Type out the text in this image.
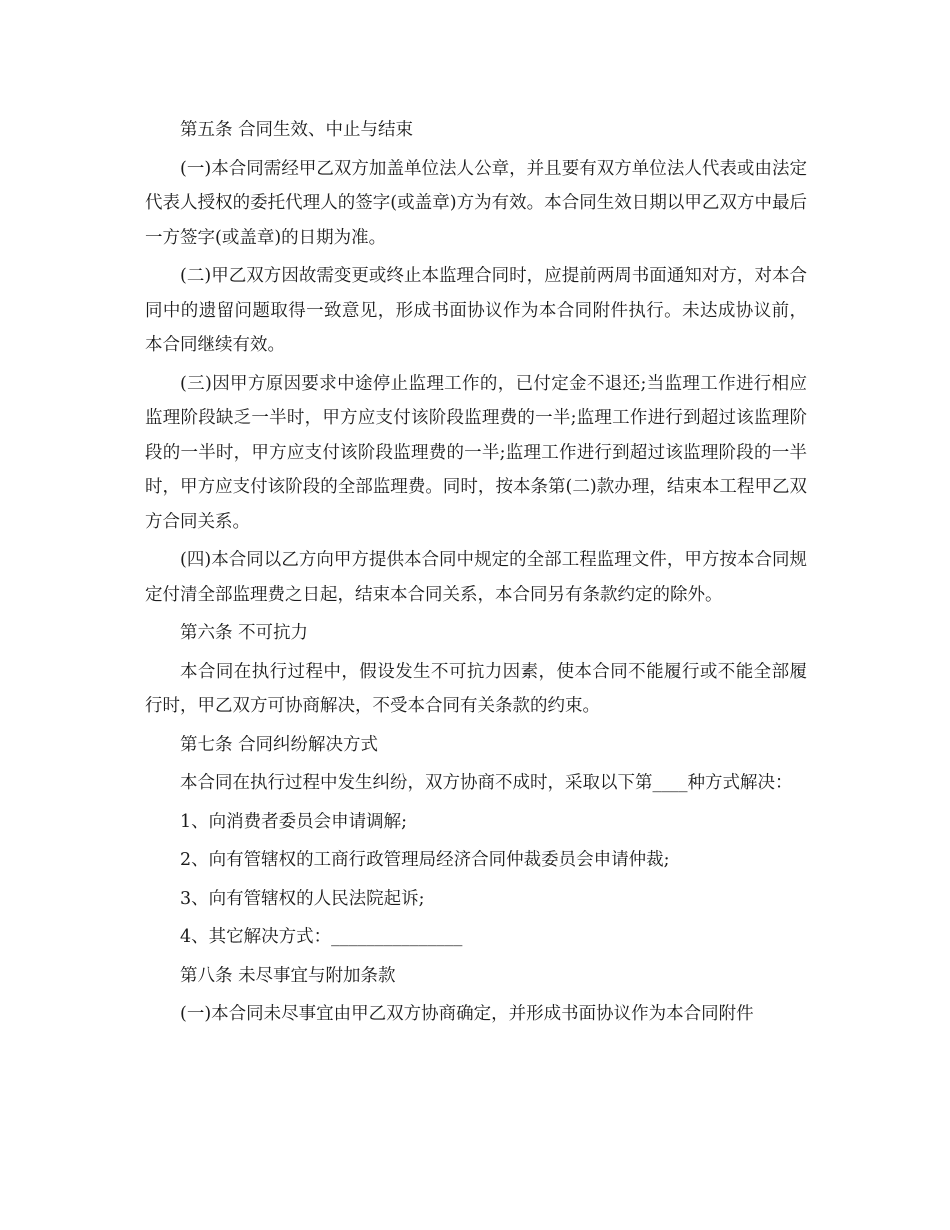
第五条 合同生效、中止与结束

(一)本合同需经甲乙双方加盖单位法人公章，并且要有双方单位法人代表或由法定代表人授权的委托代理人的签字(或盖章)方为有效。本合同生效日期以甲乙双方中最后一方签字(或盖章)的日期为准。

(二)甲乙双方因故需变更或终止本监理合同时，应提前两周书面通知对方，对本合同中的遗留问题取得一致意见，形成书面协议作为本合同附件执行。未达成协议前，本合同继续有效。

(三)因甲方原因要求中途停止监理工作的，已付定金不退还;当监理工作进行相应监理阶段缺乏一半时，甲方应支付该阶段监理费的一半;监理工作进行到超过该监理阶段的一半时，甲方应支付该阶段监理费的一半;监理工作进行到超过该监理阶段的一半时，甲方应支付该阶段的全部监理费。同时，按本条第(二)款办理，结束本工程甲乙双方合同关系。

(四)本合同以乙方向甲方提供本合同中规定的全部工程监理文件，甲方按本合同规定付清全部监理费之日起，结束本合同关系，本合同另有条款约定的除外。

第六条 不可抗力

本合同在执行过程中，假设发生不可抗力因素，使本合同不能履行或不能全部履行时，甲乙双方可协商解决，不受本合同有关条款的约束。

第七条 合同纠纷解决方式

本合同在执行过程中发生纠纷，双方协商不成时，采取以下第____种方式解决：

1、向消费者委员会申请调解;

2、向有管辖权的工商行政管理局经济合同仲裁委员会申请仲裁;

3、向有管辖权的人民法院起诉;

4、其它解决方式：_______________

第八条 未尽事宜与附加条款

(一)本合同未尽事宜由甲乙双方协商确定，并形成书面协议作为本合同附件
